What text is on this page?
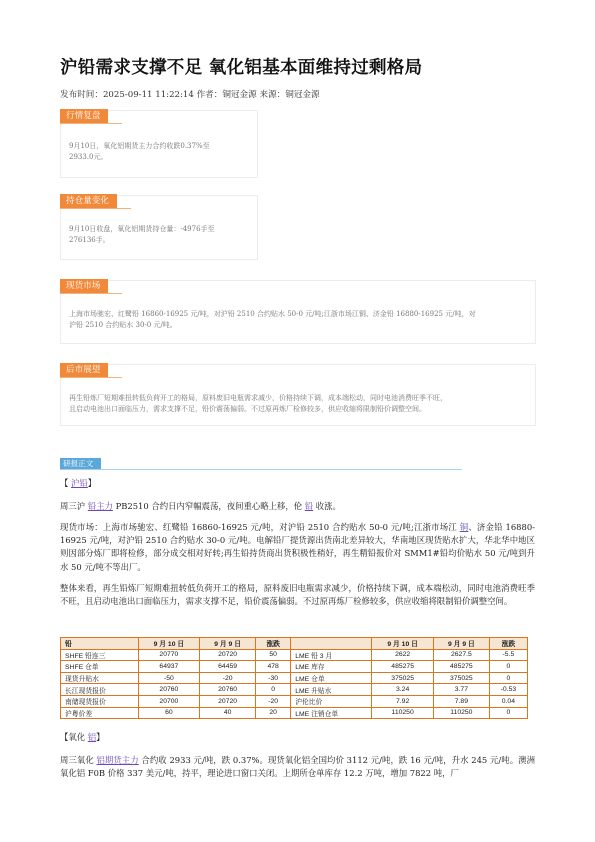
沪铅需求支撑不足 氧化铝基本面维持过剩格局
发布时间：2025-09-11 11:22:14 作者：铜冠金源 来源：铜冠金源
行情复盘
9月10日，氧化铝期货主力合约收跌0.37%至
2933.0元。
持仓量变化
9月10日收盘，氧化铝期货持仓量：-4976手至
276136手。
现货市场
上海市场驰宏、红鹭铅 16860-16925 元/吨，对沪铅 2510 合约贴水 50-0 元/吨;江浙市场江铜、济金铅 16880-16925 元/吨，对
沪铅 2510 合约贴水 30-0 元/吨。
后市展望
再生铅炼厂短期难扭转低负荷开工的格局，原料废旧电瓶需求减少，价格持续下调，成本端松动，同时电池消费旺季不旺，
且启动电池出口面临压力，需求支撑不足，铅价震荡偏弱。不过原再炼厂检修较多，供应收缩将限制铅价调整空间。
研报正文
【 沪铅】
周三沪 铅主力 PB2510 合约日内窄幅震荡，夜间重心略上移，伦 铅 收涨。
现货市场：上海市场驰宏、红鹭铅 16860-16925 元/吨，对沪铅 2510 合约贴水 50-0 元/吨;江浙市场江 铜、济金铅 16880-16925 元/吨，对沪铅 2510 合约贴水 30-0 元/吨。电解铅厂提货源出货南北差异较大，华南地区现货贴水扩大，华北华中地区则因部分炼厂即将检修，部分成交相对好转;再生铅持货商出货积极性稍好，再生精铅报价对 SMM1#铅均价贴水 50 元/吨到升水 50 元/吨不等出厂。
整体来看，再生铅炼厂短期难扭转低负荷开工的格局，原料废旧电瓶需求减少，价格持续下调，成本端松动，同时电池消费旺季不旺，且启动电池出口面临压力，需求支撑不足，铅价震荡偏弱。不过原再炼厂检修较多，供应收缩将限制铅价调整空间。
铅	9 月 10 日	9 月 9 日	涨跌		9 月 10 日	9 月 9 日	涨跌
SHFE 铅连三	20770	20720	50	LME 铅 3 月	2622	2627.5	-5.5
SHFE 仓单	64937	64459	478	LME 库存	485275	485275	0
现货升贴水	-50	-20	-30	LME 仓单	375025	375025	0
长江现货报价	20760	20760	0	LME 升贴水	3.24	3.77	-0.53
南储现货报价	20700	20720	-20	沪伦比价	7.92	7.89	0.04
沪粤价差	60	40	20	LME 注销仓单	110250	110250	0
【氧化 铝】
周三氧化 铝期货主力 合约收 2933 元/吨，跌 0.37%。现货氧化铝全国均价 3112 元/吨，跌 16 元/吨，升水 245 元/吨。澳洲氧化铝 F0B 价格 337 美元/吨，持平，理论进口窗口关闭。上期所仓单库存 12.2 万吨，增加 7822 吨，厂
